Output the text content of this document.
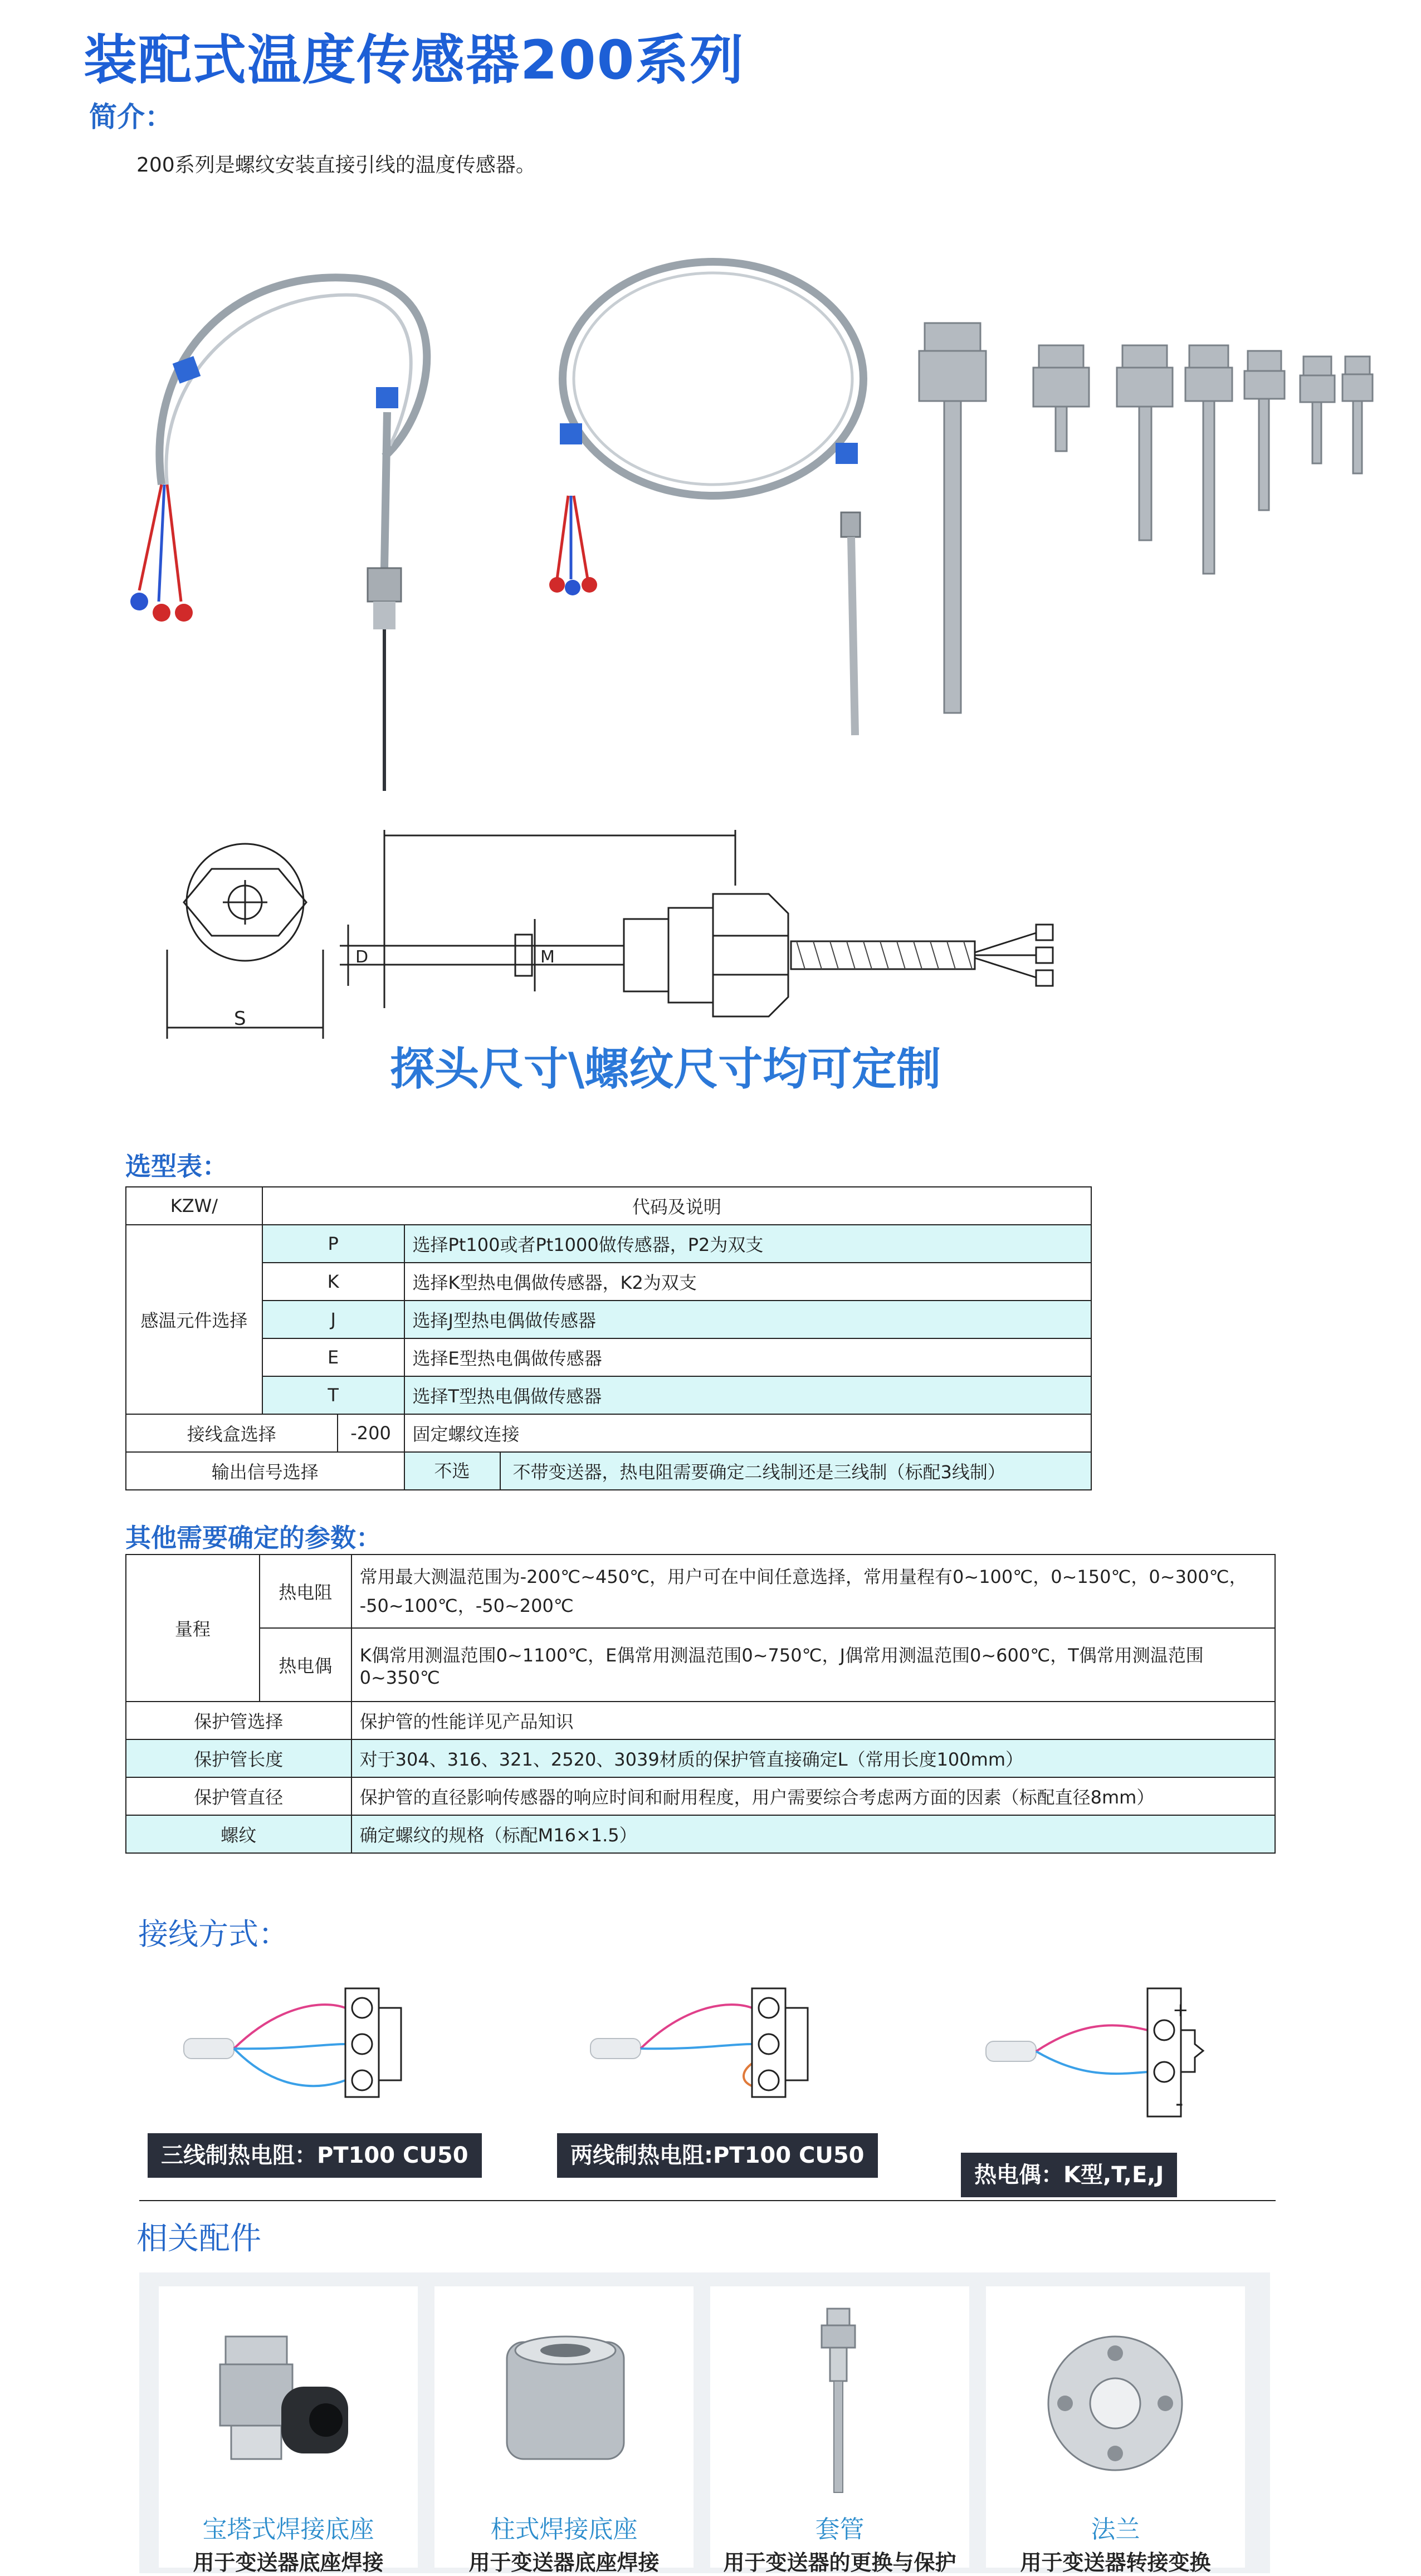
装配式温度传感器200系列
简介：
200系列是螺纹安装直接引线的温度传感器。
S
D	M
探头尺寸\螺纹尺寸均可定制
选型表：
KZW/	代码及说明		
感温元件选择	P		选择Pt100或者Pt1000做传感器，P2为双支
	K		选择K型热电偶做传感器，K2为双支
	J		选择J型热电偶做传感器
	E		选择E型热电偶做传感器
	T		选择T型热电偶做传感器
接线盒选择		-200	固定螺纹连接
输出信号选择			不选 不带变送器，热电阻需要确定二线制还是三线制（标配3线制）
其他需要确定的参数：
量程	热电阻	常用最大测温范围为-200℃~450℃，用户可在中间任意选择，常用量程有0~100℃，0~150℃，0~300℃，
-50~100℃，-50~200℃

	热电偶	K偶常用测温范围0~1100℃，E偶常用测温范围0~750℃，J偶常用测温范围0~600℃，T偶常用测温范围0~350℃
保护管选择		保护管的性能详见产品知识
保护管长度		对于304、316、321、2520、3039材质的保护管直接确定L（常用长度100mm）
保护管直径		保护管的直径影响传感器的响应时间和耐用程度，用户需要综合考虑两方面的因素（标配直径8mm）
螺纹		确定螺纹的规格（标配M16×1.5）
接线方式：
三线制热电阻：PT100 CU50	两线制热电阻:PT100 CU50
+
-
热电偶：K型,T,E,J
相关配件
宝塔式焊接底座
用于变送器底座焊接
柱式焊接底座
用于变送器底座焊接
套管
用于变送器的更换与保护
法兰
用于变送器转接变换
